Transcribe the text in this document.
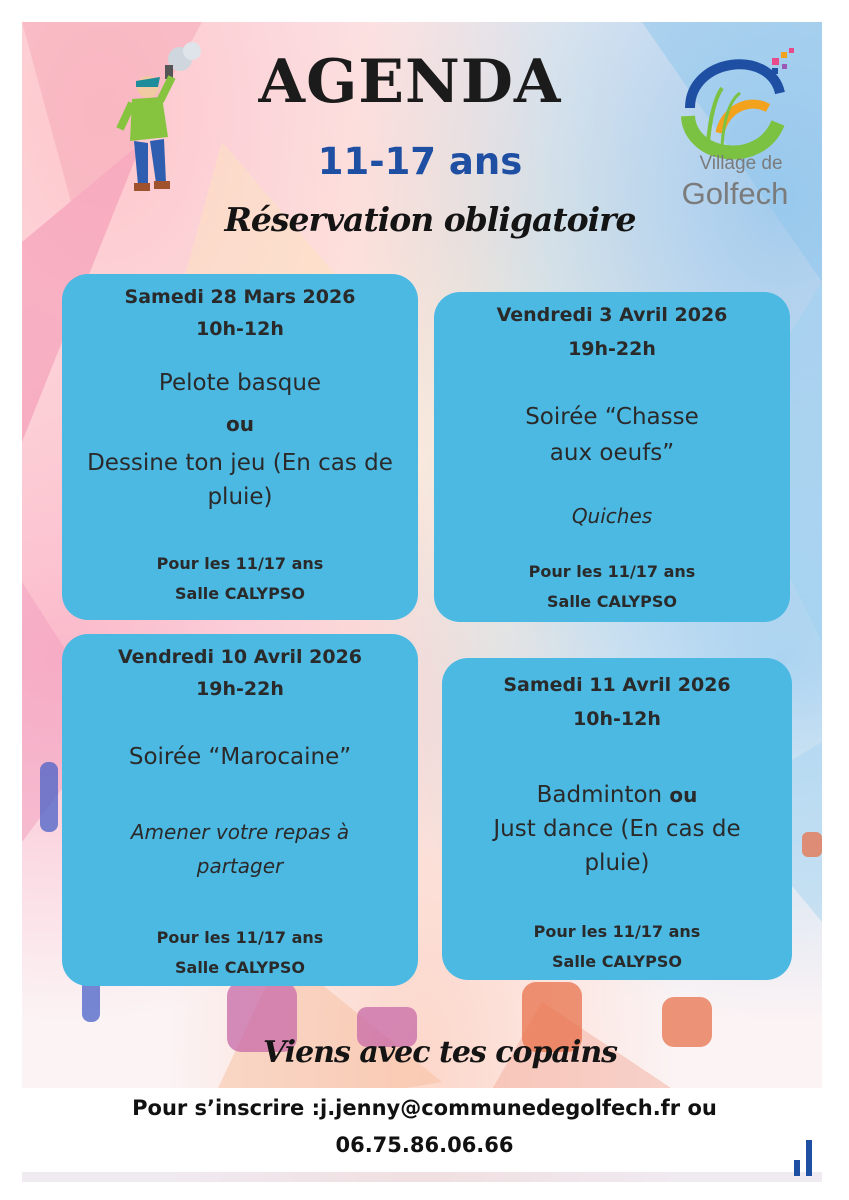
AGENDA
11-17 ans
Réservation obligatoire
Village de
Golfech
Samedi 28 Mars 2026
10h-12h
Pelote basque
ou
Dessine ton jeu (En cas de
pluie)
Pour les 11/17 ans
Salle CALYPSO
Vendredi 3 Avril 2026
19h-22h
Soirée “Chasse
aux oeufs”
Quiches
Pour les 11/17 ans
Salle CALYPSO
Vendredi 10 Avril 2026
19h-22h
Soirée “Marocaine”
Amener votre repas à
partager
Pour les 11/17 ans
Salle CALYPSO
Samedi 11 Avril 2026
10h-12h
Badminton ou
Just dance (En cas de
pluie)
Pour les 11/17 ans
Salle CALYPSO
Viens avec tes copains
Pour s’inscrire :j.jenny@communedegolfech.fr ou
06.75.86.06.66
